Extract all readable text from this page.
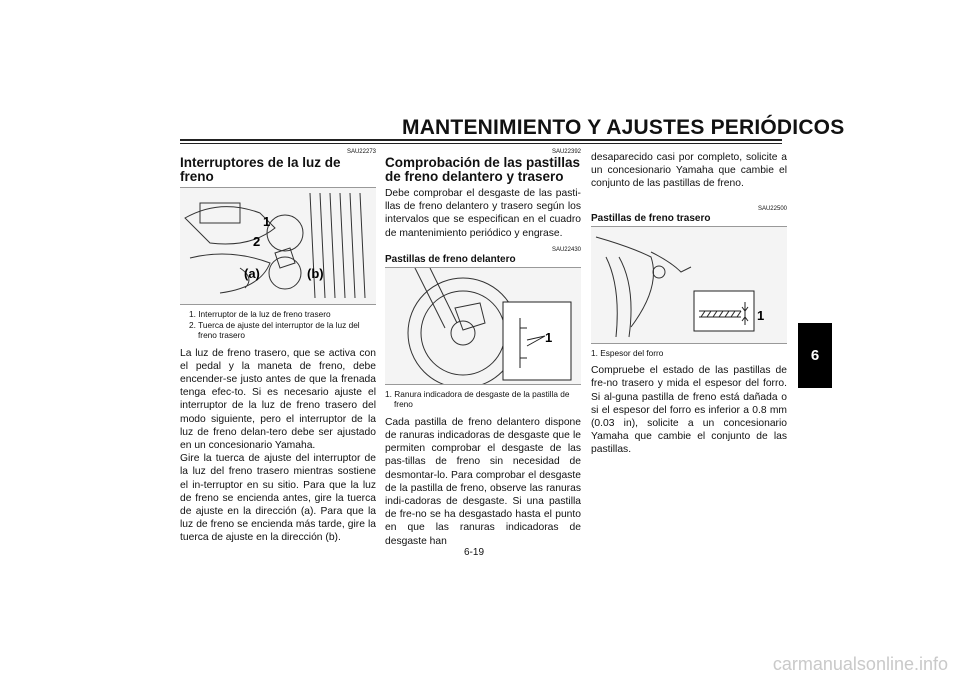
MANTENIMIENTO Y AJUSTES PERIÓDICOS
6

SAU22273

Interruptores de la luz de freno
1
2
(a)	(b)
1. Interruptor de la luz de freno trasero
2. Tuerca de ajuste del interruptor de la luz del freno trasero

La luz de freno trasero, que se activa con el pedal y la maneta de freno, debe encender-se justo antes de que la frenada tenga efec-to. Si es necesario ajuste el interruptor de la luz de freno trasero del modo siguiente, pero el interruptor de la luz de freno delan-tero debe ser ajustado en un concesionario Yamaha.

Gire la tuerca de ajuste del interruptor de la luz del freno trasero mientras sostiene el in-terruptor en su sitio. Para que la luz de freno se encienda antes, gire la tuerca de ajuste en la dirección (a). Para que la luz de freno se encienda más tarde, gire la tuerca de ajuste en la dirección (b).

SAU22392

Comprobación de las pastillas de freno delantero y trasero

Debe comprobar el desgaste de las pasti-llas de freno delantero y trasero según los intervalos que se especifican en el cuadro de mantenimiento periódico y engrase.

SAU22430

Pastillas de freno delantero
1
1. Ranura indicadora de desgaste de la pastilla de freno

Cada pastilla de freno delantero dispone de ranuras indicadoras de desgaste que le permiten comprobar el desgaste de las pas-tillas de freno sin necesidad de desmontar-lo. Para comprobar el desgaste de la pastilla de freno, observe las ranuras indi-cadoras de desgaste. Si una pastilla de fre-no se ha desgastado hasta el punto en que las ranuras indicadoras de desgaste han

desaparecido casi por completo, solicite a un concesionario Yamaha que cambie el conjunto de las pastillas de freno.

SAU22500

Pastillas de freno trasero
1
1. Espesor del forro

Compruebe el estado de las pastillas de fre-no trasero y mida el espesor del forro. Si al-guna pastilla de freno está dañada o si el espesor del forro es inferior a 0.8 mm (0.03 in), solicite a un concesionario Yamaha que cambie el conjunto de las pastillas.

6-19
carmanualsonline.info
